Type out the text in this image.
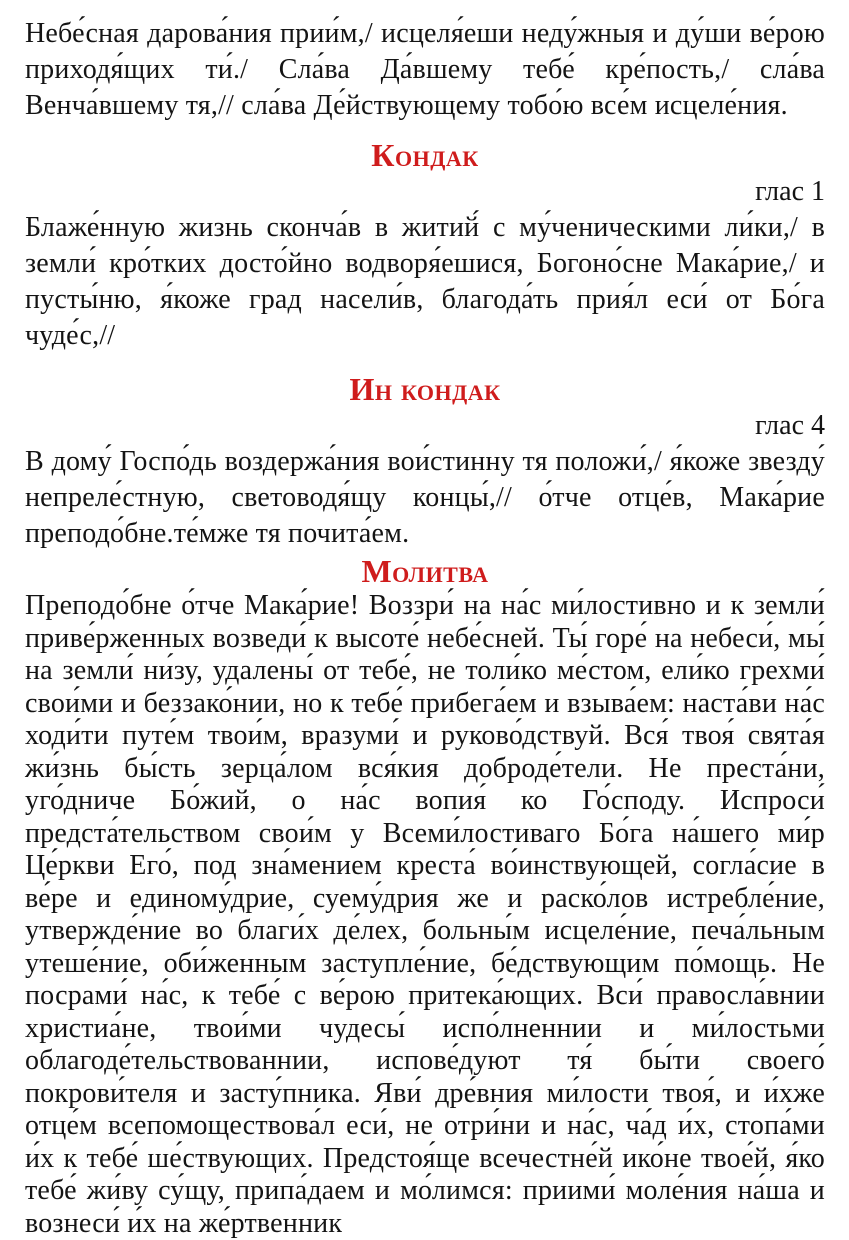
Небе́сная дарова́ния прии́м,/ исцеля́еши неду́жныя и ду́ши ве́рою приходя́щих ти́./ Сла́ва Да́вшему тебе́ кре́пость,/ сла́ва Венча́вшему тя,// сла́ва Де́йствующему тобо́ю все́м исцеле́ния.

Кондак

глас 1

Блаже́нную жизнь сконча́в в житий́ с му́ченическими ли́ки,/ в земли́ кро́тких досто́йно водворя́ешися, Богоно́сне Мака́рие,/ и пусты́ню, я́коже град насели́в, благода́ть прия́л еси́ от Бо́га чуде́с,//

Ин кондак

глас 4

В дому́ Госпо́дь воздержа́ния вои́стинну тя положи́,/ я́коже звезду́ непреле́стную, световодя́щу концы́,// о́тче отце́в, Мака́рие преподо́бне.те́мже тя почита́ем.

Молитва

Преподо́бне о́тче Мака́рие! Воззри́ на на́с ми́лостивно и к земли́ приве́рженных возведи́ к высоте́ небе́сней. Ты́ горе́ на небеси́, мы́ на земли́ ни́зу, удалены́ от тебе́, не толи́ко ме́стом, ели́ко грехми́ свои́ми и беззако́нии, но к тебе́ прибега́ем и взыва́ем: наста́ви на́с ходи́ти путе́м твои́м, вразуми́ и руково́дствуй. Вся́ твоя́ свята́я жи́знь бы́сть зерца́лом вся́кия доброде́тели. Не преста́ни, уго́дниче Бо́жий, о на́с вопия́ ко Го́споду. Испроси́ предста́тельством свои́м у Всеми́лостиваго Бо́га на́шего ми́р Це́ркви Его́, под зна́мением креста́ во́инствующей, согла́сие в ве́ре и единому́дрие, суему́дрия же и раско́лов истребле́ние, утвержде́ние во благи́х де́лех, больны́м исцеле́ние, печа́льным утеше́ние, оби́женным заступле́ние, бе́дствующим по́мощь. Не посрами́ на́с, к тебе́ с ве́рою притека́ющих. Вси́ правосла́внии христиа́не, твои́ми чудесы́ испо́лненнии и ми́лостьми облагоде́тельствованнии, испове́дуют тя́ бы́ти своего́ покрови́теля и засту́пника. Яви́ дре́вния ми́лости твоя́, и и́хже отце́м всепомоществова́л еси́, не отри́ни и на́с, ча́д и́х, стопа́ми и́х к тебе́ ше́ствующих. Предстоя́ще всечестне́й ико́не твое́й, я́ко тебе́ жи́ву су́щу, припа́даем и мо́лимся: приими́ моле́ния на́ша и вознеси́ и́х на же́ртвенник
